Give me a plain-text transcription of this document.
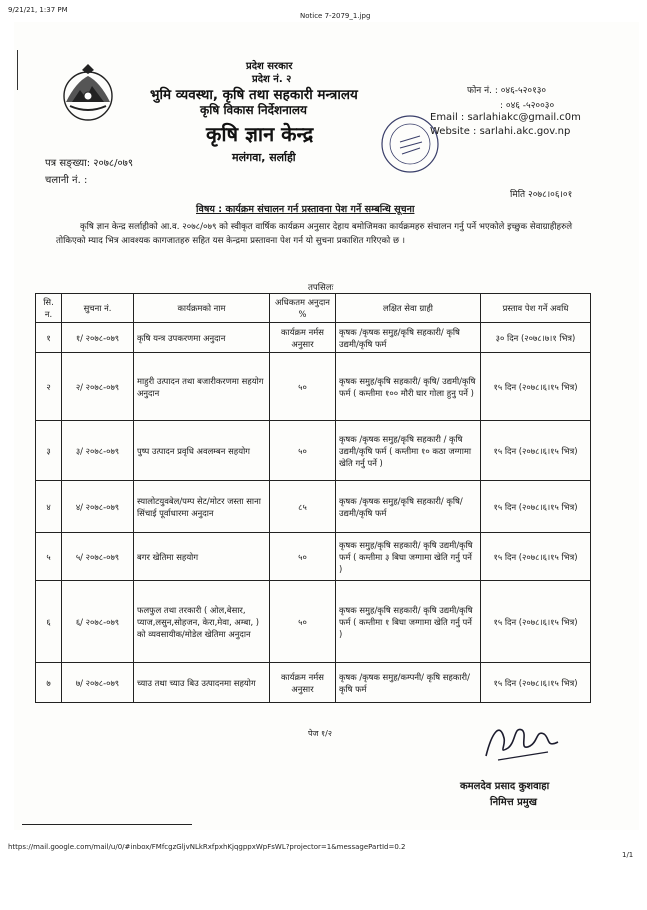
9/21/21, 1:37 PM
Notice 7-2079_1.jpg
प्रदेश सरकार
प्रदेश नं. २
भुमि व्यवस्था, कृषि तथा सहकारी मन्त्रालय
कृषि विकास निर्देशनालय
कृषि ज्ञान केन्द्र
मलंगवा, सर्लाही
फोन नं. : ०४६-५२०१३०
: ०४६ -५२००३०
Email : sarlahiakc@gmail.c0m
Website : sarlahi.akc.gov.np
पत्र सङ्ख्या: २०७८/०७९
चलानी नं. :
मिति २०७८।०६।०१
विषय : कार्यक्रम संचालन गर्न प्रस्तावना पेश गर्ने सम्बन्धि सूचना
कृषि ज्ञान केन्द्र सर्लाहीको आ.व. २०७८/०७९ को स्वीकृत वार्षिक कार्यक्रम अनुसार देहाय बमोजिमका कार्यक्रमहरु संचालन गर्नु पर्ने भएकोले इच्छुक सेवाग्राहीहरुले तोकिएको म्याद भित्र आवश्यक कागजातहरु सहित यस केन्द्रमा प्रस्तावना पेश गर्न यो सुचना प्रकाशित गरिएको छ ।
तपसिलः
सि. न.	सुचना नं.	कार्यक्रमको नाम	अधिकतम अनुदान %	लक्षित सेवा ग्राही	प्रस्ताव पेश गर्ने अवधि
१	१/ २०७८-०७९	कृषि यन्त्र उपकरणमा अनुदान	कार्यक्रम नर्मस अनुसार	कृषक /कृषक समुह/कृषि सहकारी/ कृषि उद्यमी/कृषि फर्म	३० दिन (२०७८।७।१ भित्र)
२	२/ २०७८-०७९	माहुरी उत्पादन तथा बजारीकरणमा सहयोग अनुदान	५०	कृषक समुह/कृषि सहकारी/ कृषि/ उद्यमी/कृषि फर्म ( कम्तीमा १०० मौरी घार गोला हुनु पर्ने )	१५ दिन (२०७८।६।१५ भित्र)
३	३/ २०७८-०७९	पुष्प उत्पादन प्रवृधि अवलम्बन सहयोग	५०	कृषक /कृषक समुह/कृषि सहकारी / कृषि उद्यमी/कृषि फर्म ( कम्तीमा १० कठा जग्गामा खेति गर्नु पर्ने )	१५ दिन (२०७८।६।१५ भित्र)
४	४/ २०७८-०७९	स्यालोटयुवबेल/पम्प सेट/मोटर जस्ता साना सिंचाई पूर्वाधारमा अनुदान	८५	कृषक /कृषक समुह/कृषि सहकारी/ कृषि/ उद्यमी/कृषि फर्म	१५ दिन (२०७८।६।१५ भित्र)
५	५/ २०७८-०७९	बगर खेतिमा सहयोग	५०	कृषक समुह/कृषि सहकारी/ कृषि उद्यमी/कृषि फर्म ( कम्तीमा ३ बिघा जग्गामा खेति गर्नु पर्ने )	१५ दिन (२०७८।६।१५ भित्र)
६	६/ २०७८-०७९	फलफुल तथा तरकारी ( ओल,बेसार, प्याज,लसुन,सोहजन, केरा,मेवा, अम्बा, ) को व्यवसायीक/मोडेल खेतिमा अनुदान	५०	कृषक समुह/कृषि सहकारी/ कृषि उद्यमी/कृषि फर्म ( कम्तीमा १ बिघा जग्गामा खेति गर्नु पर्ने )	१५ दिन (२०७८।६।१५ भित्र)
७	७/ २०७८-०७९	च्याउ तथा च्याउ बिउ उत्पादनमा सहयोग	कार्यक्रम नर्मस अनुसार	कृषक /कृषक समुह/कम्पनी/ कृषि सहकारी/ कृषि फर्म	१५ दिन (२०७८।६।१५ भित्र)
पेज १/२
कमलदेव प्रसाद कुशवाहा
निमित्त प्रमुख
https://mail.google.com/mail/u/0/#inbox/FMfcgzGljvNLkRxfpxhKjqgppxWpFsWL?projector=1&messagePartId=0.2
1/1
